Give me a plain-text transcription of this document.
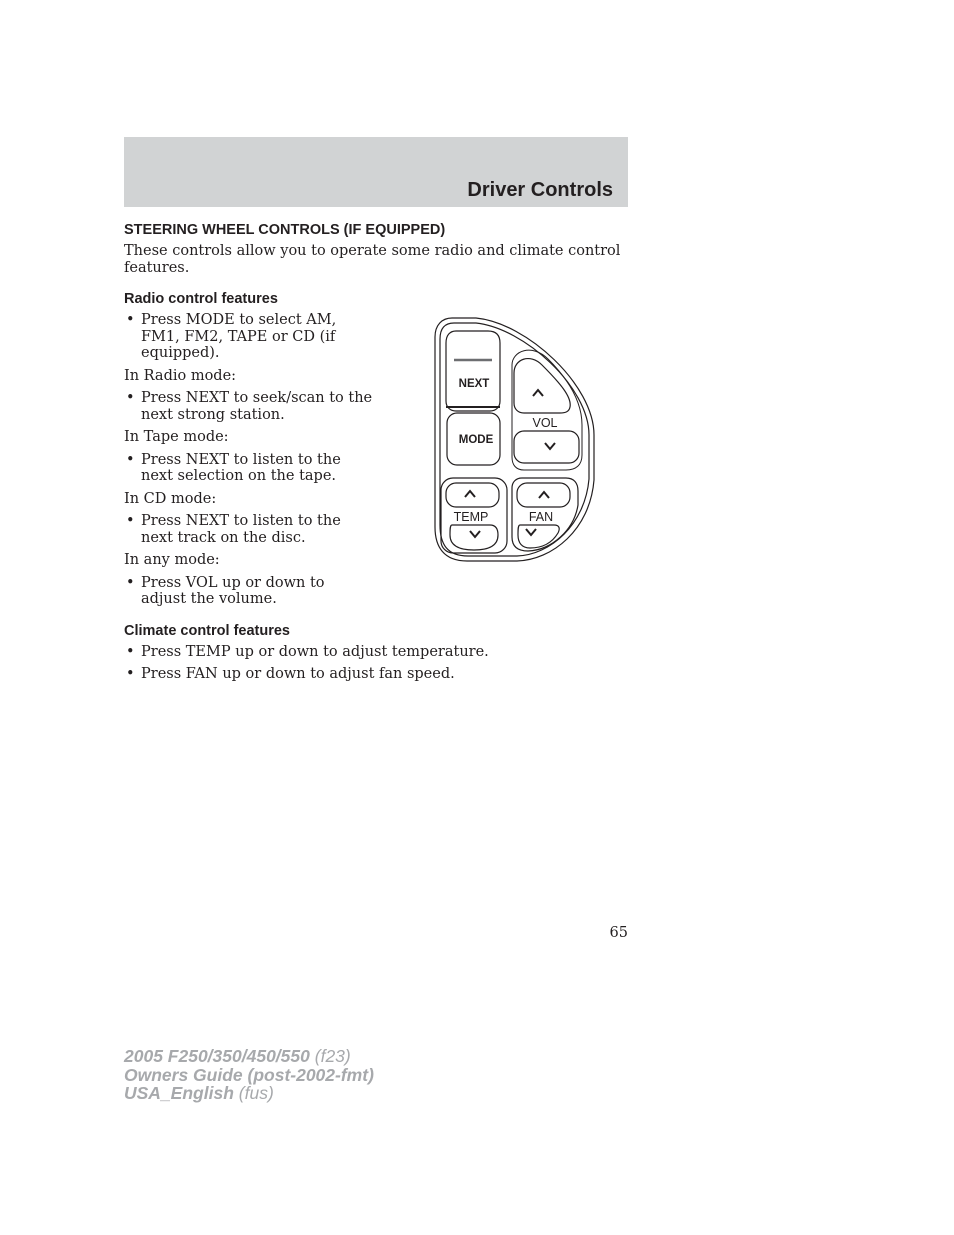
Driver Controls
STEERING WHEEL CONTROLS (IF EQUIPPED)

These controls allow you to operate some radio and climate control features.

Radio control features
• Press MODE to select AM, FM1, FM2, TAPE or CD (if equipped).
In Radio mode:
• Press NEXT to seek/scan to the next strong station.
In Tape mode:
• Press NEXT to listen to the next selection on the tape.
In CD mode:
• Press NEXT to listen to the next track on the disc.
In any mode:
• Press VOL up or down to adjust the volume.
Climate control features
• Press TEMP up or down to adjust temperature.
• Press FAN up or down to adjust fan speed.
NEXT
MODE
VOL
TEMP	FAN
65
2005 F250/350/450/550 (f23)
Owners Guide (post-2002-fmt)
USA_English (fus)
